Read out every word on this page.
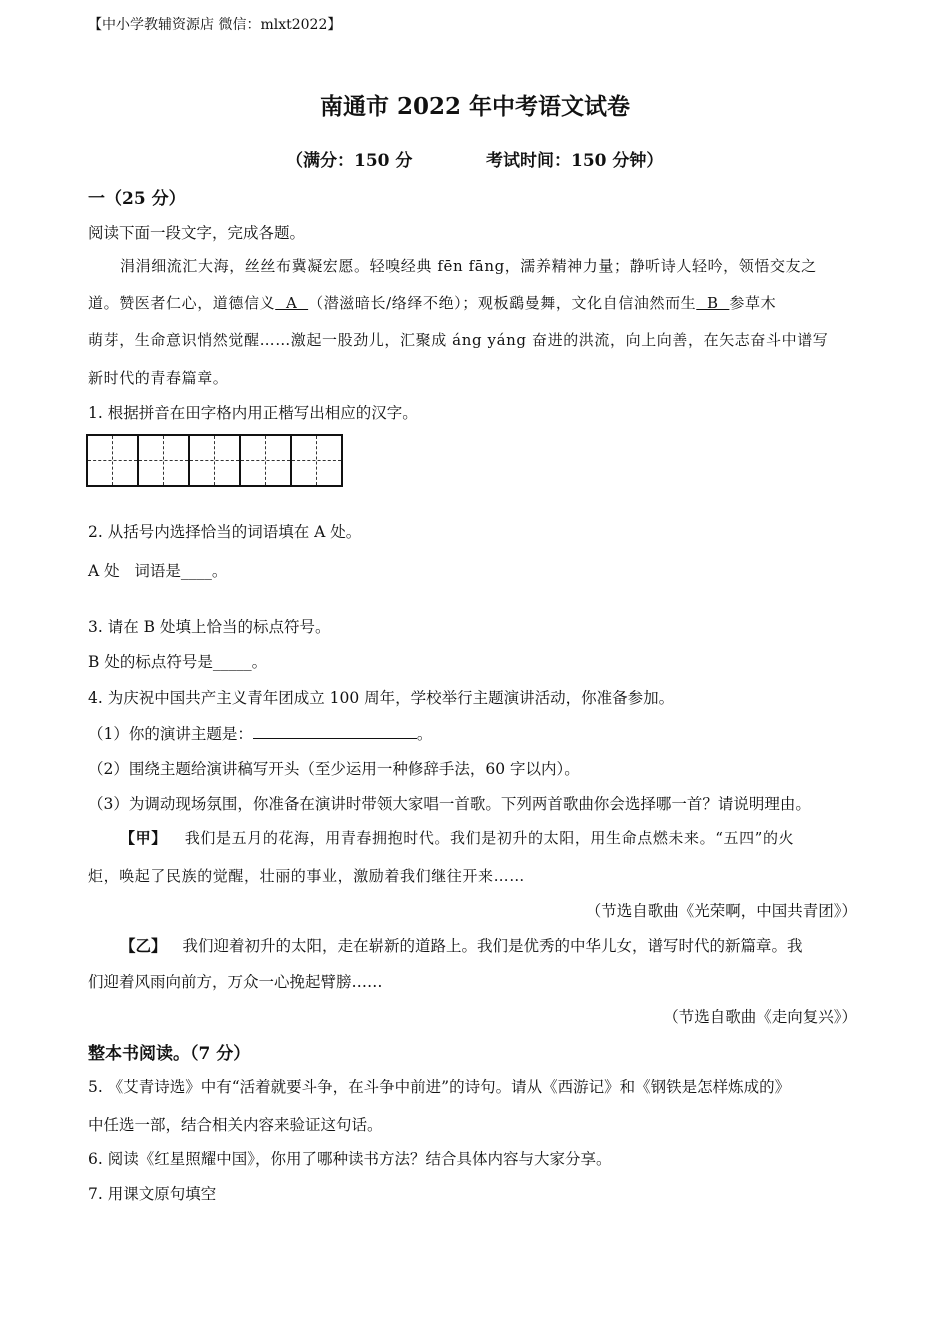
【中小学教辅资源店 微信：mlxt2022】
南通市 2022 年中考语文试卷
（满分：150 分	考试时间：150 分钟）
一（25 分）
阅读下面一段文字，完成各题。
涓涓细流汇大海，丝丝布冀凝宏愿。轻嗅经典 fēn fāng，濡养精神力量；静听诗人轻吟，领悟交友之
道。赞医者仁心，道德信义  A  （潜滋暗长/络绎不绝）；观板鷂曼舞，文化自信油然而生  B  参草木
萌芽，生命意识悄然觉醒……激起一股劲儿，汇聚成 áng yáng 奋进的洪流，向上向善，在矢志奋斗中谱写
新时代的青春篇章。
1. 根据拼音在田字格内用正楷写出相应的汉字。
2. 从括号内选择恰当的词语填在 A 处。
A 处   词语是____。
3. 请在 B 处填上恰当的标点符号。
B 处的标点符号是_____。
4. 为庆祝中国共产主义青年团成立 100 周年，学校举行主题演讲活动，你准备参加。
（1）你的演讲主题是：	。
（2）围绕主题给演讲稿写开头（至少运用一种修辞手法，60 字以内）。
（3）为调动现场氛围，你准备在演讲时带领大家唱一首歌。下列两首歌曲你会选择哪一首？请说明理由。
【甲】 我们是五月的花海，用青春拥抱时代。我们是初升的太阳，用生命点燃未来。“五四”的火
炬，唤起了民族的觉醒，壮丽的事业，激励着我们继往开来……
（节选自歌曲《光荣啊，中国共青团》）
【乙】 我们迎着初升的太阳，走在崭新的道路上。我们是优秀的中华儿女，谱写时代的新篇章。我
们迎着风雨向前方，万众一心挽起臂膀……
（节选自歌曲《走向复兴》）
整本书阅读。（7 分）
5. 《艾青诗选》中有“活着就要斗争，在斗争中前进”的诗句。请从《西游记》和《钢铁是怎样炼成的》
中任选一部，结合相关内容来验证这句话。
6. 阅读《红星照耀中国》，你用了哪种读书方法？结合具体内容与大家分享。
7. 用课文原句填空
